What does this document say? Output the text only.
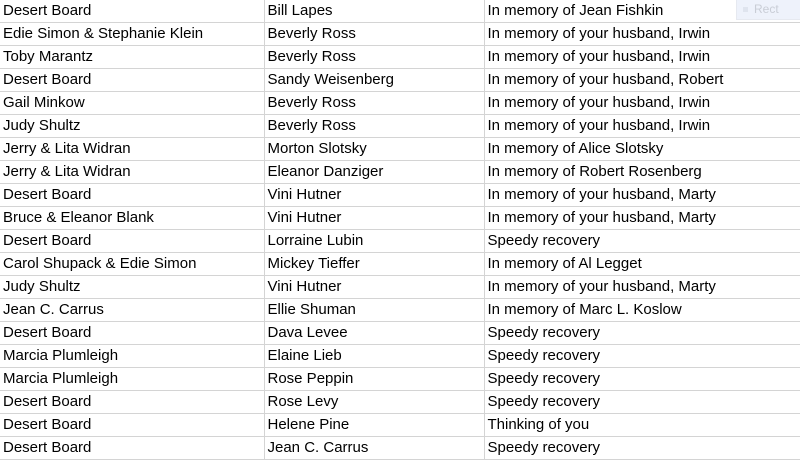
Desert Board	Bill Lapes	In memory of Jean Fishkin
Edie Simon & Stephanie Klein	Beverly Ross	In memory of your husband, Irwin
Toby Marantz	Beverly Ross	In memory of your husband, Irwin
Desert Board	Sandy Weisenberg	In memory of your husband, Robert
Gail Minkow	Beverly Ross	In memory of your husband, Irwin
Judy Shultz	Beverly Ross	In memory of your husband, Irwin
Jerry & Lita Widran	Morton Slotsky	In memory of Alice Slotsky
Jerry & Lita Widran	Eleanor Danziger	In memory of Robert Rosenberg
Desert Board	Vini Hutner	In memory of your husband, Marty
Bruce & Eleanor Blank	Vini Hutner	In memory of your husband, Marty
Desert Board	Lorraine Lubin	Speedy recovery
Carol Shupack & Edie Simon	Mickey Tieffer	In memory of Al Legget
Judy Shultz	Vini Hutner	In memory of your husband, Marty
Jean C. Carrus	Ellie Shuman	In memory of Marc L. Koslow
Desert Board	Dava Levee	Speedy recovery
Marcia Plumleigh	Elaine Lieb	Speedy recovery
Marcia Plumleigh	Rose Peppin	Speedy recovery
Desert Board	Rose Levy	Speedy recovery
Desert Board	Helene Pine	Thinking of you
Desert Board	Jean C. Carrus	Speedy recovery
Rect
